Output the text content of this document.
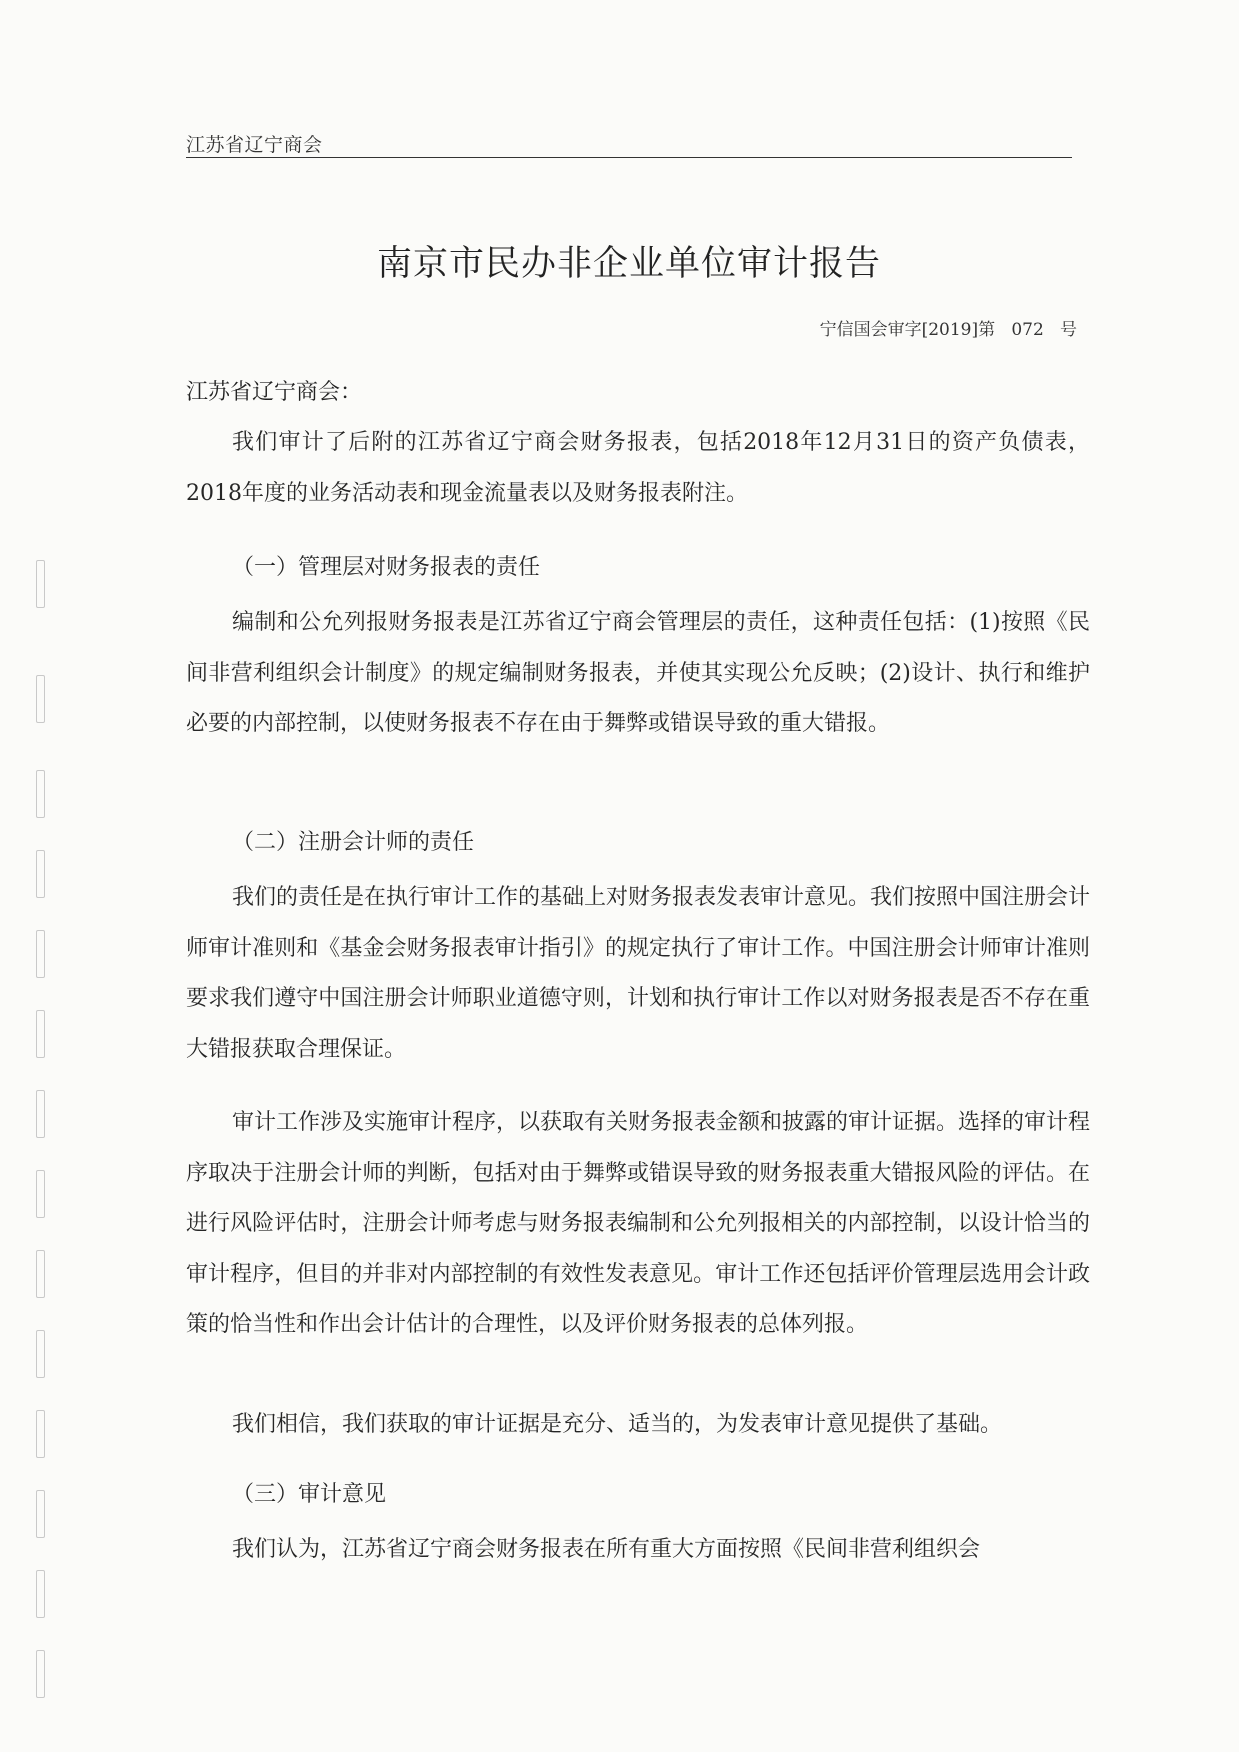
江苏省辽宁商会
南京市民办非企业单位审计报告
宁信国会审字[2019]第   072   号
江苏省辽宁商会：
我们审计了后附的江苏省辽宁商会财务报表，包括2018年12月31日的资产负债表，2018年度的业务活动表和现金流量表以及财务报表附注。
（一）管理层对财务报表的责任
编制和公允列报财务报表是江苏省辽宁商会管理层的责任，这种责任包括：(1)按照《民间非营利组织会计制度》的规定编制财务报表，并使其实现公允反映；(2)设计、执行和维护必要的内部控制，以使财务报表不存在由于舞弊或错误导致的重大错报。
（二）注册会计师的责任
我们的责任是在执行审计工作的基础上对财务报表发表审计意见。我们按照中国注册会计师审计准则和《基金会财务报表审计指引》的规定执行了审计工作。中国注册会计师审计准则要求我们遵守中国注册会计师职业道德守则，计划和执行审计工作以对财务报表是否不存在重大错报获取合理保证。
审计工作涉及实施审计程序，以获取有关财务报表金额和披露的审计证据。选择的审计程序取决于注册会计师的判断，包括对由于舞弊或错误导致的财务报表重大错报风险的评估。在进行风险评估时，注册会计师考虑与财务报表编制和公允列报相关的内部控制，以设计恰当的审计程序，但目的并非对内部控制的有效性发表意见。审计工作还包括评价管理层选用会计政策的恰当性和作出会计估计的合理性，以及评价财务报表的总体列报。
我们相信，我们获取的审计证据是充分、适当的，为发表审计意见提供了基础。
（三）审计意见
我们认为，江苏省辽宁商会财务报表在所有重大方面按照《民间非营利组织会
